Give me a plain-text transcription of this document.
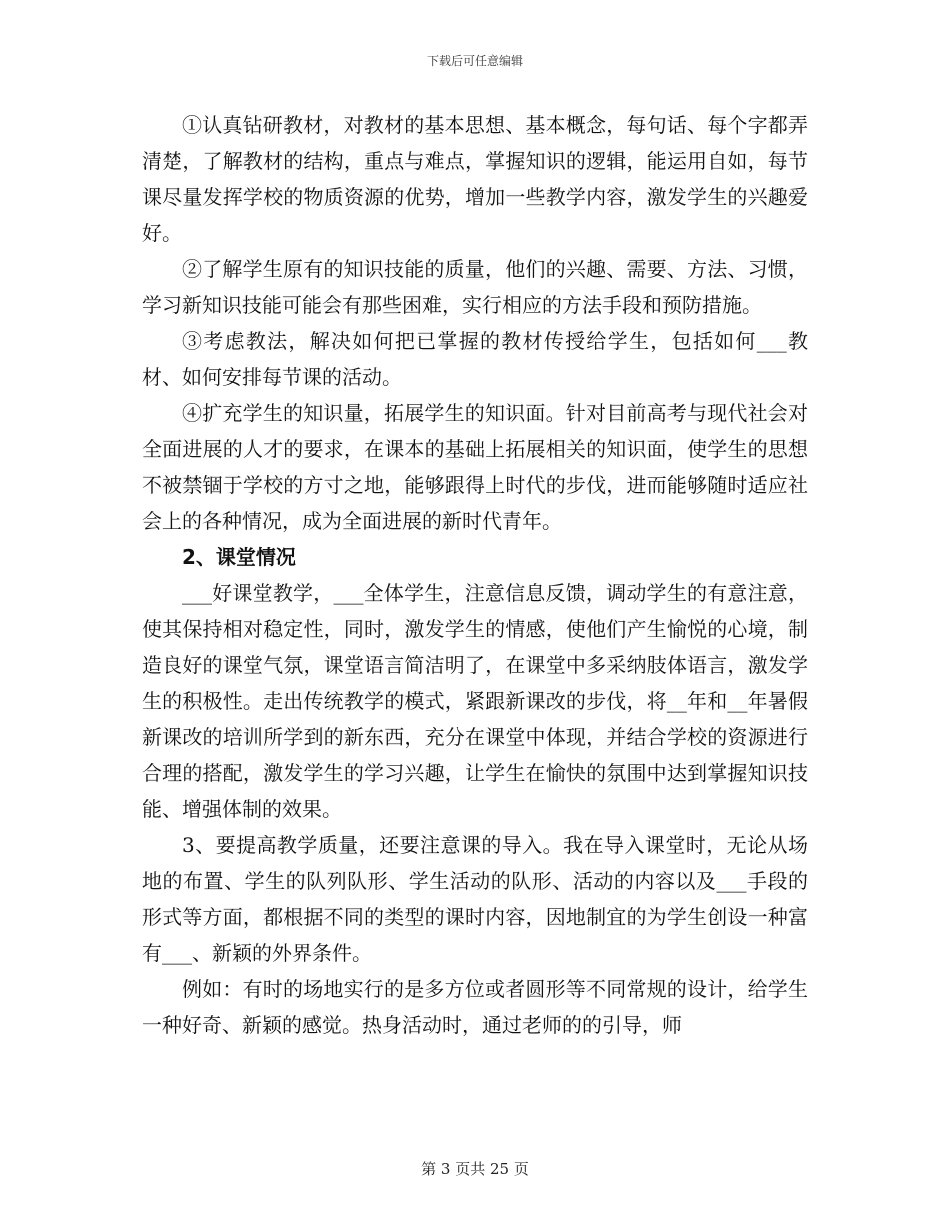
下载后可任意编辑

①认真钻研教材，对教材的基本思想、基本概念，每句话、每个字都弄清楚，了解教材的结构，重点与难点，掌握知识的逻辑，能运用自如，每节课尽量发挥学校的物质资源的优势，增加一些教学内容，激发学生的兴趣爱好。

②了解学生原有的知识技能的质量，他们的兴趣、需要、方法、习惯，学习新知识技能可能会有那些困难，实行相应的方法手段和预防措施。

③考虑教法，解决如何把已掌握的教材传授给学生，包括如何___教材、如何安排每节课的活动。

④扩充学生的知识量，拓展学生的知识面。针对目前高考与现代社会对全面进展的人才的要求，在课本的基础上拓展相关的知识面，使学生的思想不被禁锢于学校的方寸之地，能够跟得上时代的步伐，进而能够随时适应社会上的各种情况，成为全面进展的新时代青年。

2、课堂情况

___好课堂教学，___全体学生，注意信息反馈，调动学生的有意注意，使其保持相对稳定性，同时，激发学生的情感，使他们产生愉悦的心境，制造良好的课堂气氛，课堂语言简洁明了，在课堂中多采纳肢体语言，激发学生的积极性。走出传统教学的模式，紧跟新课改的步伐，将__年和__年暑假新课改的培训所学到的新东西，充分在课堂中体现，并结合学校的资源进行合理的搭配，激发学生的学习兴趣，让学生在愉快的氛围中达到掌握知识技能、增强体制的效果。

3、要提高教学质量，还要注意课的导入。我在导入课堂时，无论从场地的布置、学生的队列队形、学生活动的队形、活动的内容以及___手段的形式等方面，都根据不同的类型的课时内容，因地制宜的为学生创设一种富有___、新颖的外界条件。

例如：有时的场地实行的是多方位或者圆形等不同常规的设计，给学生一种好奇、新颖的感觉。热身活动时，通过老师的的引导，师

第 3 页共 25 页
